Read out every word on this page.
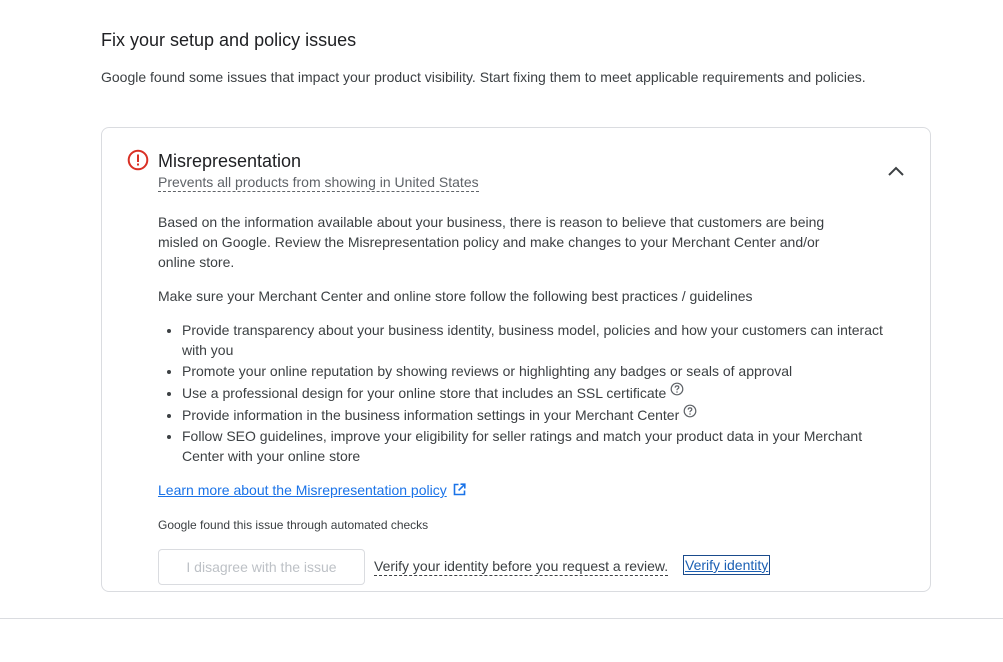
Fix your setup and policy issues
Google found some issues that impact your product visibility. Start fixing them to meet applicable requirements and policies.
Misrepresentation
Prevents all products from showing in United States
Based on the information available about your business, there is reason to believe that customers are being misled on Google. Review the Misrepresentation policy and make changes to your Merchant Center and/or online store.
Make sure your Merchant Center and online store follow the following best practices / guidelines
• Provide transparency about your business identity, business model, policies and how your customers can interact with you
• Promote your online reputation by showing reviews or highlighting any badges or seals of approval
• Use a professional design for your online store that includes an SSL certificate
• Provide information in the business information settings in your Merchant Center
• Follow SEO guidelines, improve your eligibility for seller ratings and match your product data in your Merchant Center with your online store
Learn more about the Misrepresentation policy
Google found this issue through automated checks
I disagree with the issue	Verify your identity before you request a review. Verify identity
